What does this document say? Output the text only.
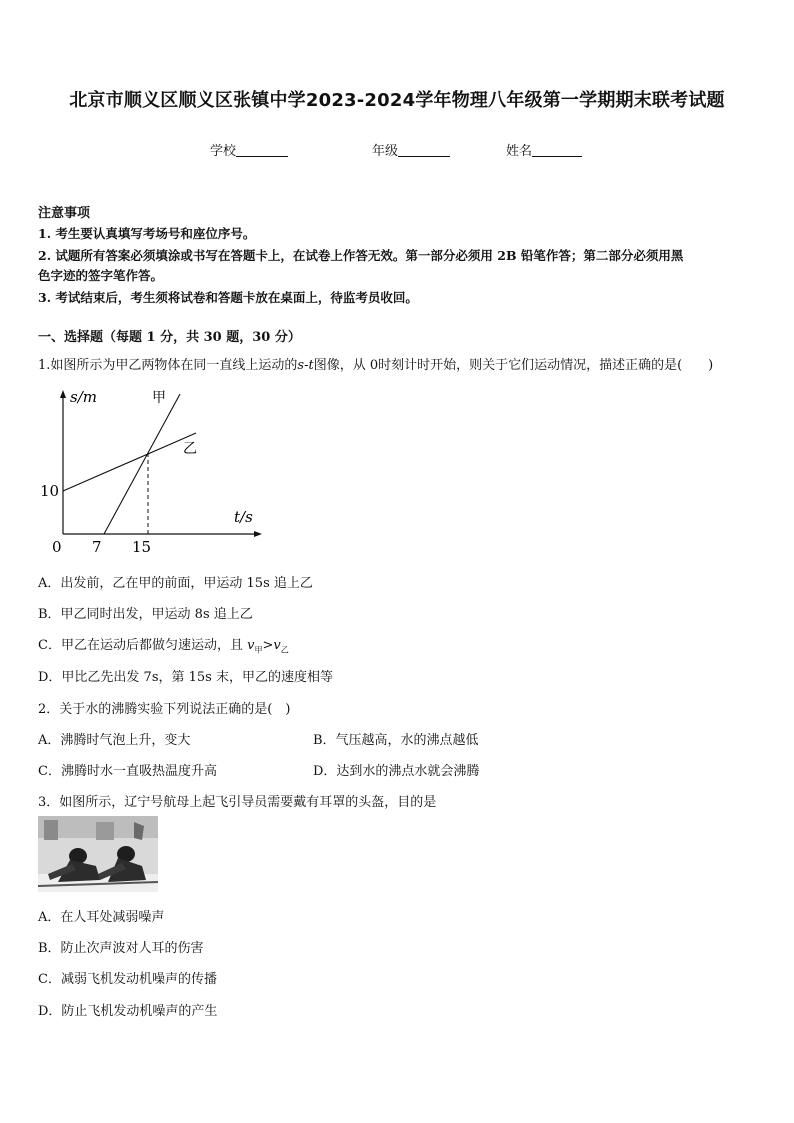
北京市顺义区顺义区张镇中学2023-2024学年物理八年级第一学期期末联考试题
学校	年级	姓名
注意事项
1. 考生要认真填写考场号和座位序号。
2. 试题所有答案必须填涂或书写在答题卡上，在试卷上作答无效。第一部分必须用 2B 铅笔作答；第二部分必须用黑
色字迹的签字笔作答。
3. 考试结束后，考生须将试卷和答题卡放在桌面上，待监考员收回。
一、选择题（每题 1 分，共 30 题，30 分）
1.如图所示为甲乙两物体在同一直线上运动的s-t图像，从 0时刻计时开始，则关于它们运动情况，描述正确的是(　　)
s/m
t/s
甲
乙
10
0 7 15
A．出发前，乙在甲的前面，甲运动 15s 追上乙
B．甲乙同时出发，甲运动 8s 追上乙
C．甲乙在运动后都做匀速运动，且 $v_甲>v_乙$
D．甲比乙先出发 7s，第 15s 末，甲乙的速度相等
2．关于水的沸腾实验下列说法正确的是(　)
A．沸腾时气泡上升，变大	B．气压越高，水的沸点越低
C．沸腾时水一直吸热温度升高	D．达到水的沸点水就会沸腾
3．如图所示，辽宁号航母上起飞引导员需要戴有耳罩的头盔，目的是
A．在人耳处减弱噪声
B．防止次声波对人耳的伤害
C．减弱飞机发动机噪声的传播
D．防止飞机发动机噪声的产生
